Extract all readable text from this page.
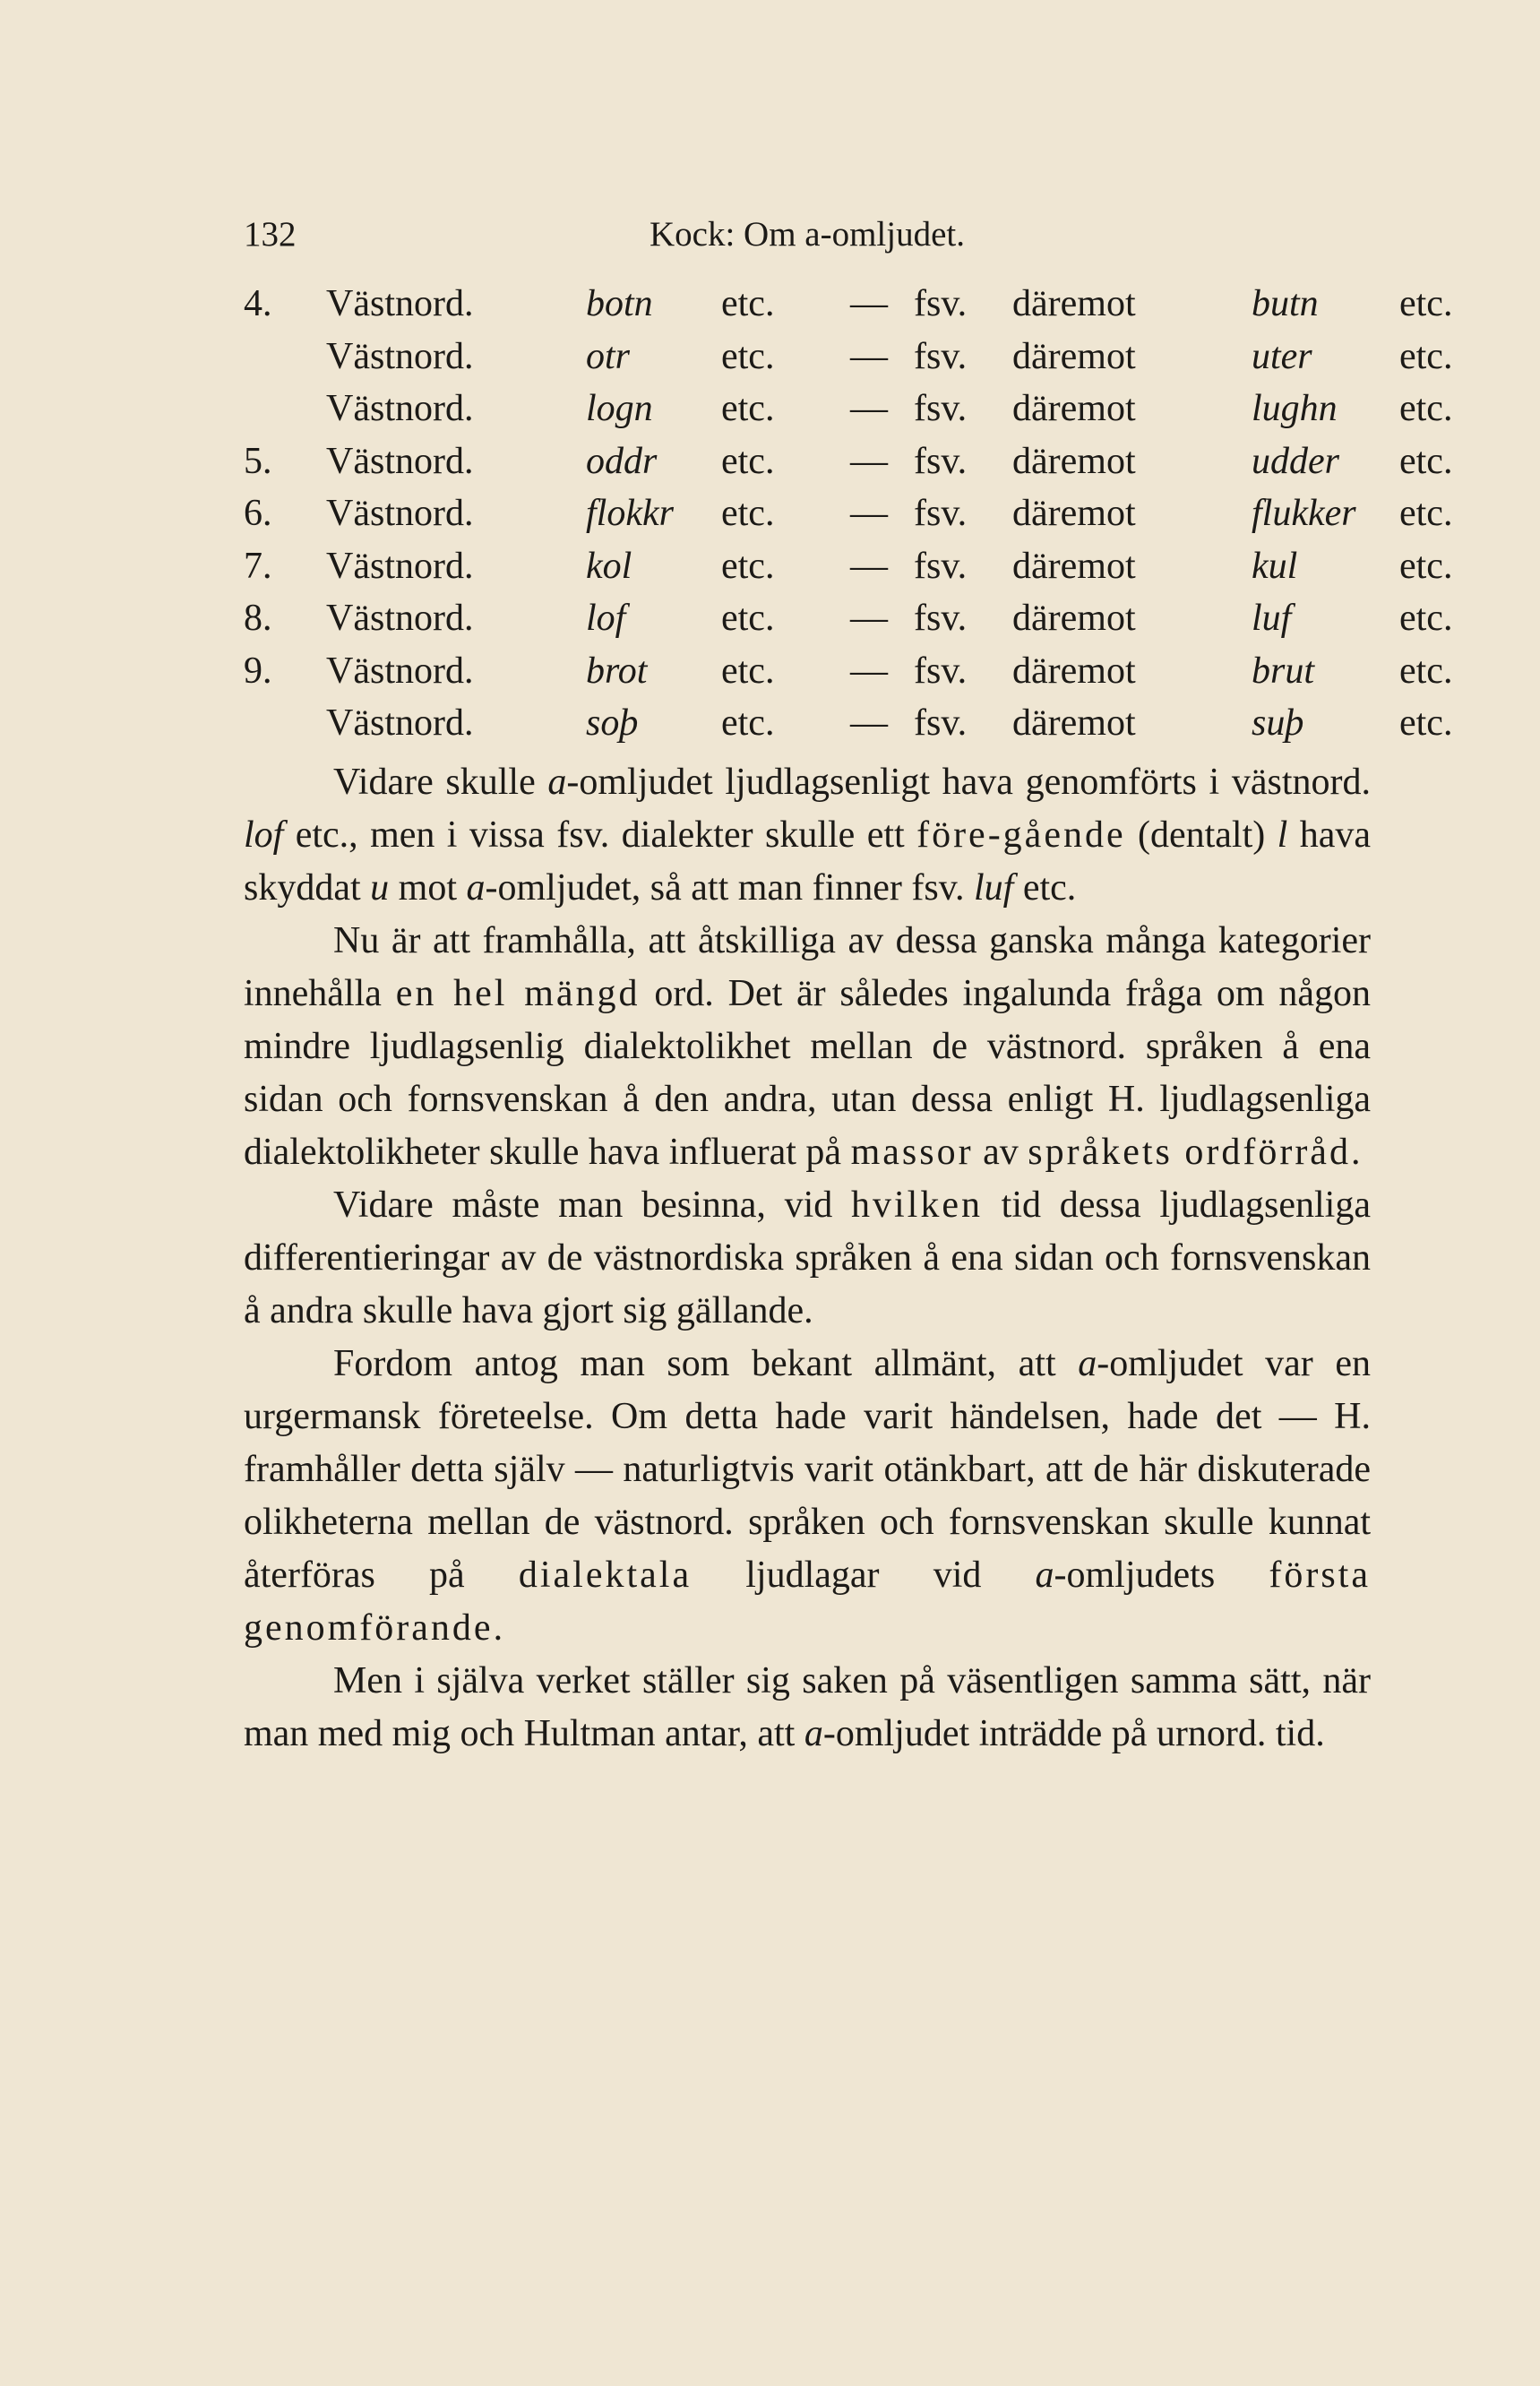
132	Kock: Om a-omljudet.
4. Västnord.	botn etc. — fsv. däremot	butn etc.
Västnord.	otr etc. — fsv. däremot	uter etc.
Västnord.	logn etc. — fsv. däremot	lughn etc.
5. Västnord.	oddr etc. — fsv. däremot	udder etc.
6. Västnord.	flokkr etc. — fsv. däremot	flukker etc.
7. Västnord.	kol etc. — fsv. däremot	kul	etc.
8. Västnord.	lof	etc. — fsv. däremot	luf	etc.
9. Västnord.	brot etc. — fsv. däremot	brut etc.
Västnord.	soþ etc. — fsv. däremot	suþ	etc.

Vidare skulle a-omljudet ljudlagsenligt hava genomförts i västnord. lof etc., men i vissa fsv. dialekter skulle ett före-gående (dentalt) l hava skyddat u mot a-omljudet, så att man finner fsv. luf etc.

Nu är att framhålla, att åtskilliga av dessa ganska många kategorier innehålla en hel mängd ord. Det är således ingalunda fråga om någon mindre ljudlagsenlig dialektolikhet mellan de västnord. språken å ena sidan och fornsvenskan å den andra, utan dessa enligt H. ljudlagsenliga dialektolikheter skulle hava influerat på massor av språkets ordförråd.

Vidare måste man besinna, vid hvilken tid dessa ljudlagsenliga differentieringar av de västnordiska språken å ena sidan och fornsvenskan å andra skulle hava gjort sig gällande.

Fordom antog man som bekant allmänt, att a-omljudet var en urgermansk företeelse. Om detta hade varit händelsen, hade det — H. framhåller detta själv — naturligtvis varit otänkbart, att de här diskuterade olikheterna mellan de västnord. språken och fornsvenskan skulle kunnat återföras på dialektala ljudlagar vid a-omljudets första genomförande.

Men i själva verket ställer sig saken på väsentligen samma sätt, när man med mig och Hultman antar, att a-omljudet inträdde på urnord. tid.
